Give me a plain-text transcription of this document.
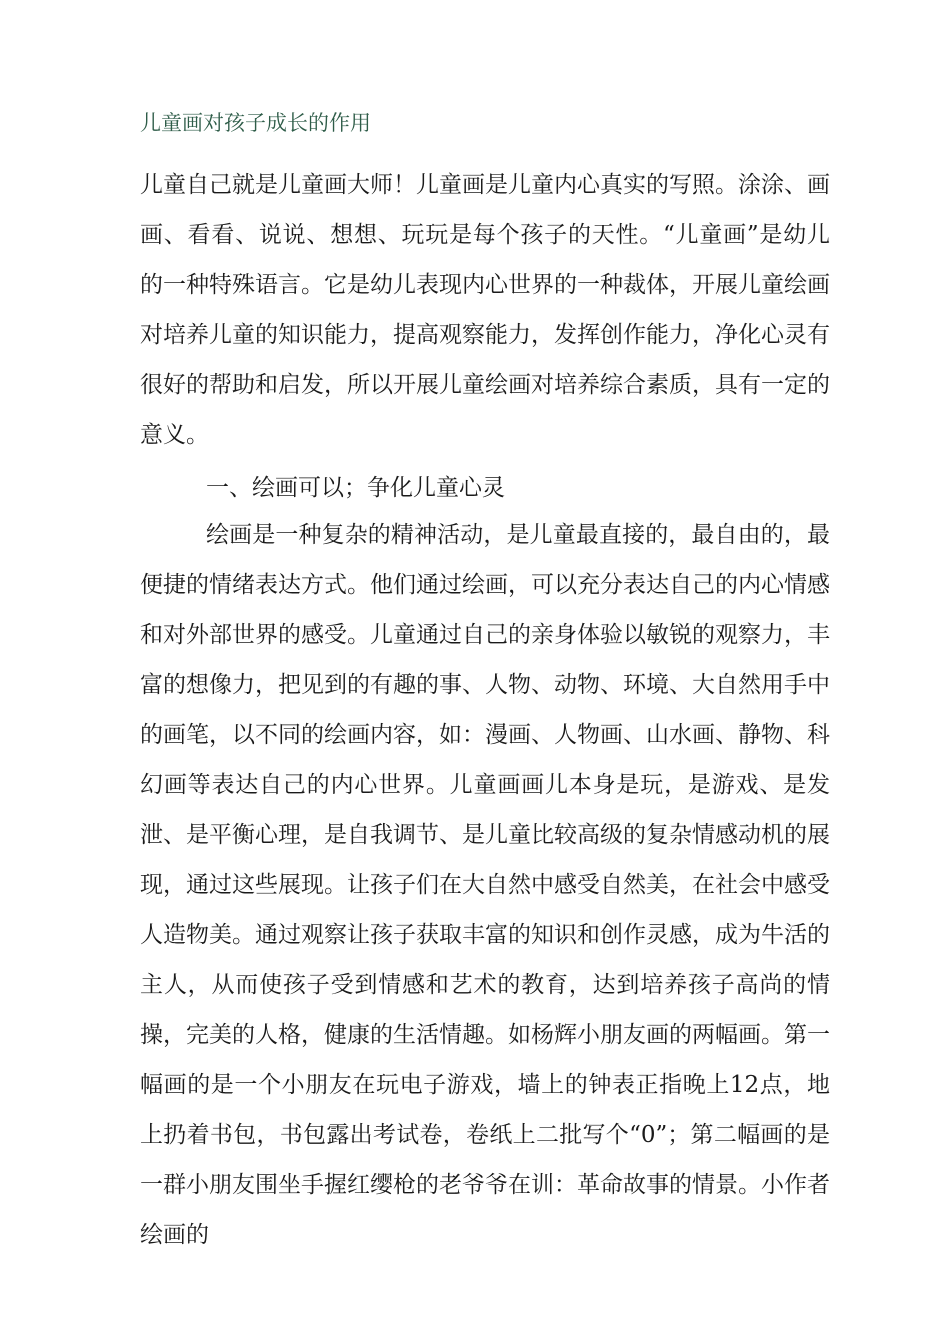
儿童画对孩子成长的作用

儿童自己就是儿童画大师！儿童画是儿童内心真实的写照。涂涂、画画、看看、说说、想想、玩玩是每个孩子的天性。“儿童画”是幼儿的一种特殊语言。它是幼儿表现内心世界的一种裁体，开展儿童绘画对培养儿童的知识能力，提高观察能力，发挥创作能力，净化心灵有很好的帮助和启发，所以开展儿童绘画对培养综合素质，具有一定的意义。

一、绘画可以；争化儿童心灵

绘画是一种复杂的精神活动，是儿童最直接的，最自由的，最便捷的情绪表达方式。他们通过绘画，可以充分表达自己的内心情感和对外部世界的感受。儿童通过自己的亲身体验以敏锐的观察力，丰富的想像力，把见到的有趣的事、人物、动物、环境、大自然用手中的画笔，以不同的绘画内容，如：漫画、人物画、山水画、静物、科幻画等表达自己的内心世界。儿童画画儿本身是玩，是游戏、是发泄、是平衡心理，是自我调节、是儿童比较高级的复杂情感动机的展现，通过这些展现。让孩子们在大自然中感受自然美，在社会中感受人造物美。通过观察让孩子获取丰富的知识和创作灵感，成为牛活的主人，从而使孩子受到情感和艺术的教育，达到培养孩子高尚的情操，完美的人格，健康的生活情趣。如杨辉小朋友画的两幅画。第一幅画的是一个小朋友在玩电子游戏，墙上的钟表正指晚上12点，地上扔着书包，书包露出考试卷，卷纸上二批写个“0”；第二幅画的是一群小朋友围坐手握红缨枪的老爷爷在训：革命故事的情景。小作者绘画的
